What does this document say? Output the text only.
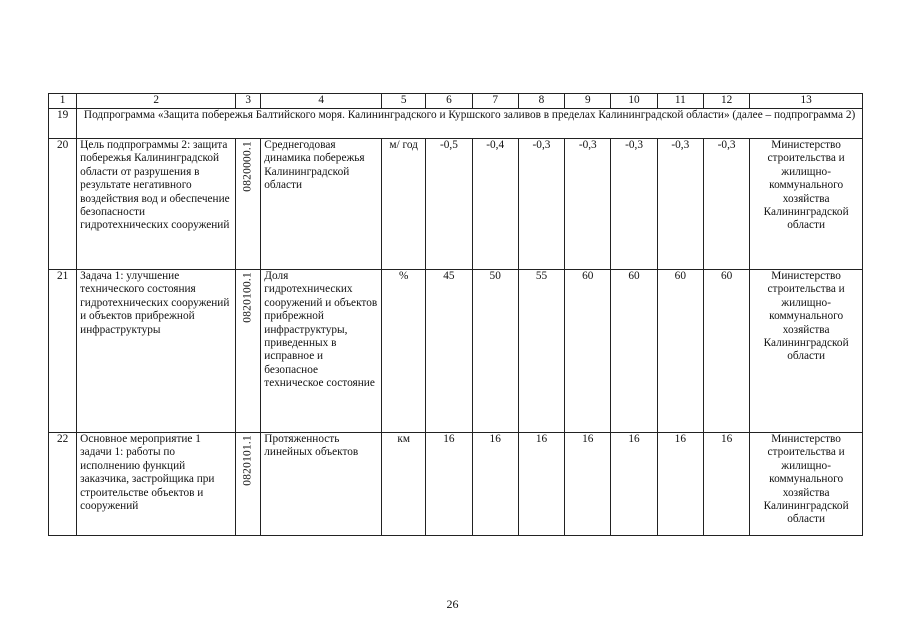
1	2	3	4	5	6	7	8	9	10	11	12	13
19	Подпрограмма «Защита побережья Балтийского моря. Калининградского и Куршского заливов в пределах Калининградской области» (далее – подпрограмма 2)											
20	Цель подпрограммы 2: защита побережья Калининградской области от разрушения в результате негативного воздействия вод и обеспечение безопасности гидротехнических сооружений	0820000.1	Среднегодовая динамика побережья Калининградской области	м/ год	-0,5	-0,4	-0,3	-0,3	-0,3	-0,3	-0,3	Министерство строительства и жилищно-коммунального хозяйства Калининградской области
21	Задача 1: улучшение технического состояния гидротехнических сооружений и объектов прибрежной инфраструктуры	0820100.1	Доля гидротехнических сооружений и объектов прибрежной инфраструктуры, приведенных в исправное и безопасное техническое состояние	%	45	50	55	60	60	60	60	Министерство строительства и жилищно-коммунального хозяйства Калининградской области
22	Основное мероприятие 1 задачи 1: работы по исполнению функций заказчика, застройщика при строительстве объектов и сооружений	0820101.1	Протяженность линейных объектов	км	16	16	16	16	16	16	16	Министерство строительства и жилищно-коммунального хозяйства Калининградской области
26
